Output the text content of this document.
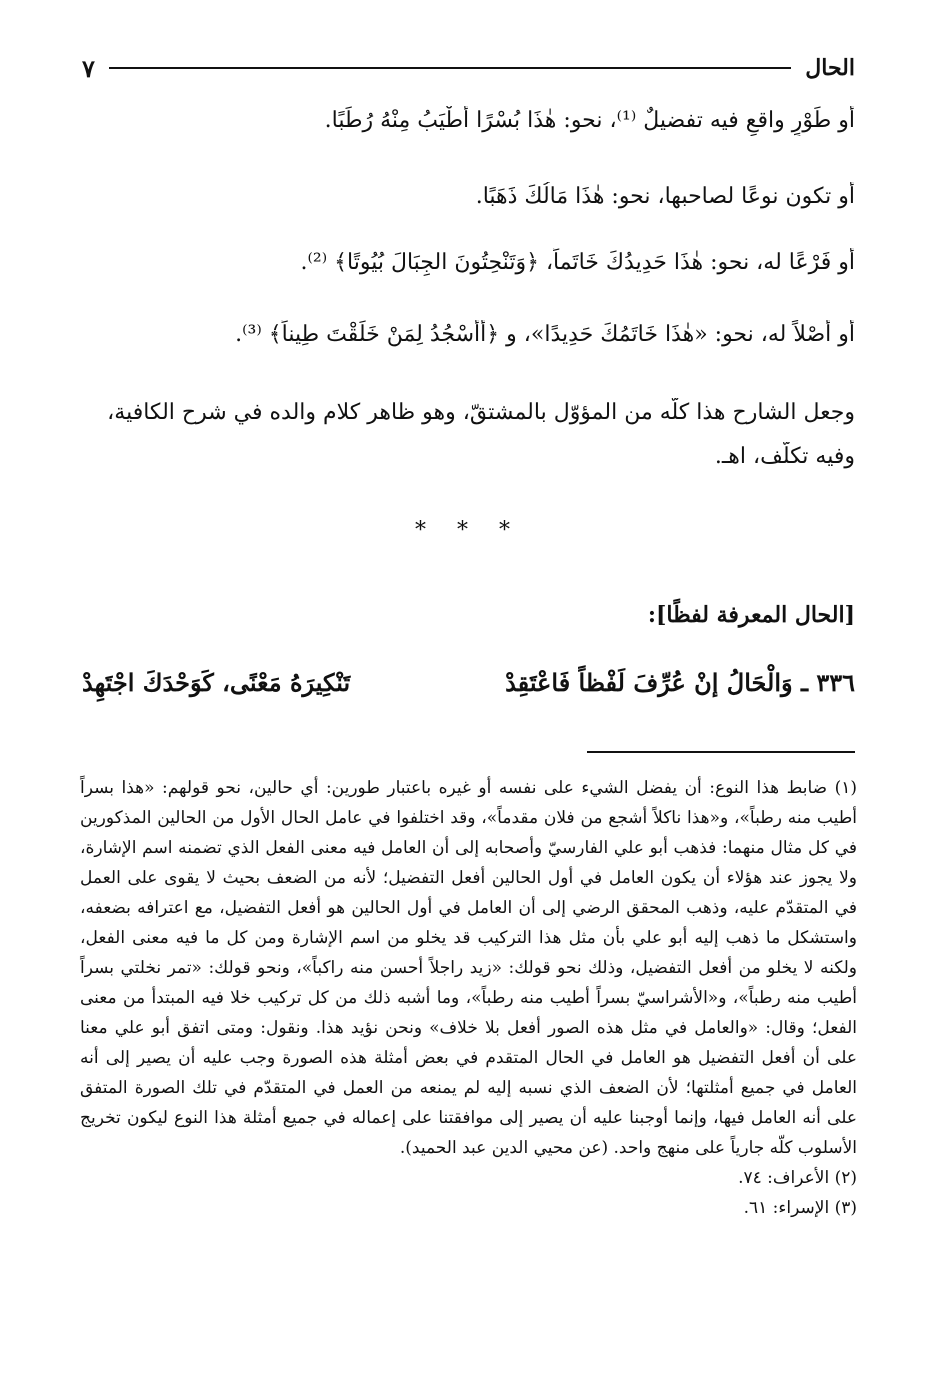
الحال
٧
أو طَوْرٍ واقعٍ فيه تفضيلٌ ⁽¹⁾، نحو: هٰذَا بُسْرًا أَطْيَبُ مِنْهُ رُطَبًا.
أو تكون نوعًا لصاحبها، نحو: هٰذَا مَالُكَ ذَهَبًا.
أو فَرْعًا له، نحو: هٰذَا حَدِيدُكَ خَاتَماً، ﴿وَتَنْحِتُونَ الجِبَالَ بُيُوتًا﴾ ⁽²⁾.
أو أصْلاً له، نحو: «هٰذَا خَاتَمُكَ حَدِيدًا»، و ﴿أَأَسْجُدُ لِمَنْ خَلَقْتَ طِيناً﴾ ⁽³⁾.
وجعل الشارح هذا كلّه من المؤوّل بالمشتقّ، وهو ظاهر كلام والده في شرح الكافية،
وفيه تكلّف، اهـ.
* * *
[الحال المعرفة لفظًا]:
٣٣٦ ـ وَالْحَالُ إنْ عُرِّفَ لَفْظاً فَاعْتَقِدْ
تَنْكِيرَهُ مَعْنًى، كَوَحْدَكَ اجْتَهِدْ

(١) ضابط هذا النوع: أن يفضل الشيء على نفسه أو غيره باعتبار طورين: أي حالين، نحو قولهم: «هذا بسراً أطيب منه رطباً»، و«هذا ناكلاً أشجع من فلان مقدماً»، وقد اختلفوا في عامل الحال الأول من الحالين المذكورين في كل مثال منهما: فذهب أبو علي الفارسيّ وأصحابه إلى أن العامل فيه معنى الفعل الذي تضمنه اسم الإشارة، ولا يجوز عند هؤلاء أن يكون العامل في أول الحالين أفعل التفضيل؛ لأنه من الضعف بحيث لا يقوى على العمل في المتقدّم عليه، وذهب المحقق الرضي إلى أن العامل في أول الحالين هو أفعل التفضيل، مع اعترافه بضعفه، واستشكل ما ذهب إليه أبو علي بأن مثل هذا التركيب قد يخلو من اسم الإشارة ومن كل ما فيه معنى الفعل، ولكنه لا يخلو من أفعل التفضيل، وذلك نحو قولك: «زيد راجلاً أحسن منه راكباً»، ونحو قولك: «تمر نخلتي بسراً أطيب منه رطباً»، و«الأشراسيّ بسراً أطيب منه رطباً»، وما أشبه ذلك من كل تركيب خلا فيه المبتدأ من معنى الفعل؛ وقال: «والعامل في مثل هذه الصور أفعل بلا خلاف» ونحن نؤيد هذا. ونقول: ومتى اتفق أبو علي معنا على أن أفعل التفضيل هو العامل في الحال المتقدم في بعض أمثلة هذه الصورة وجب عليه أن يصير إلى أنه العامل في جميع أمثلتها؛ لأن الضعف الذي نسبه إليه لم يمنعه من العمل في المتقدّم في تلك الصورة المتفق على أنه العامل فيها، وإنما أوجبنا عليه أن يصير إلى موافقتنا على إعماله في جميع أمثلة هذا النوع ليكون تخريج الأسلوب كلّه جارياً على منهج واحد. (عن محيي الدين عبد الحميد).

(٢) الأعراف: ٧٤.

(٣) الإسراء: ٦١.
